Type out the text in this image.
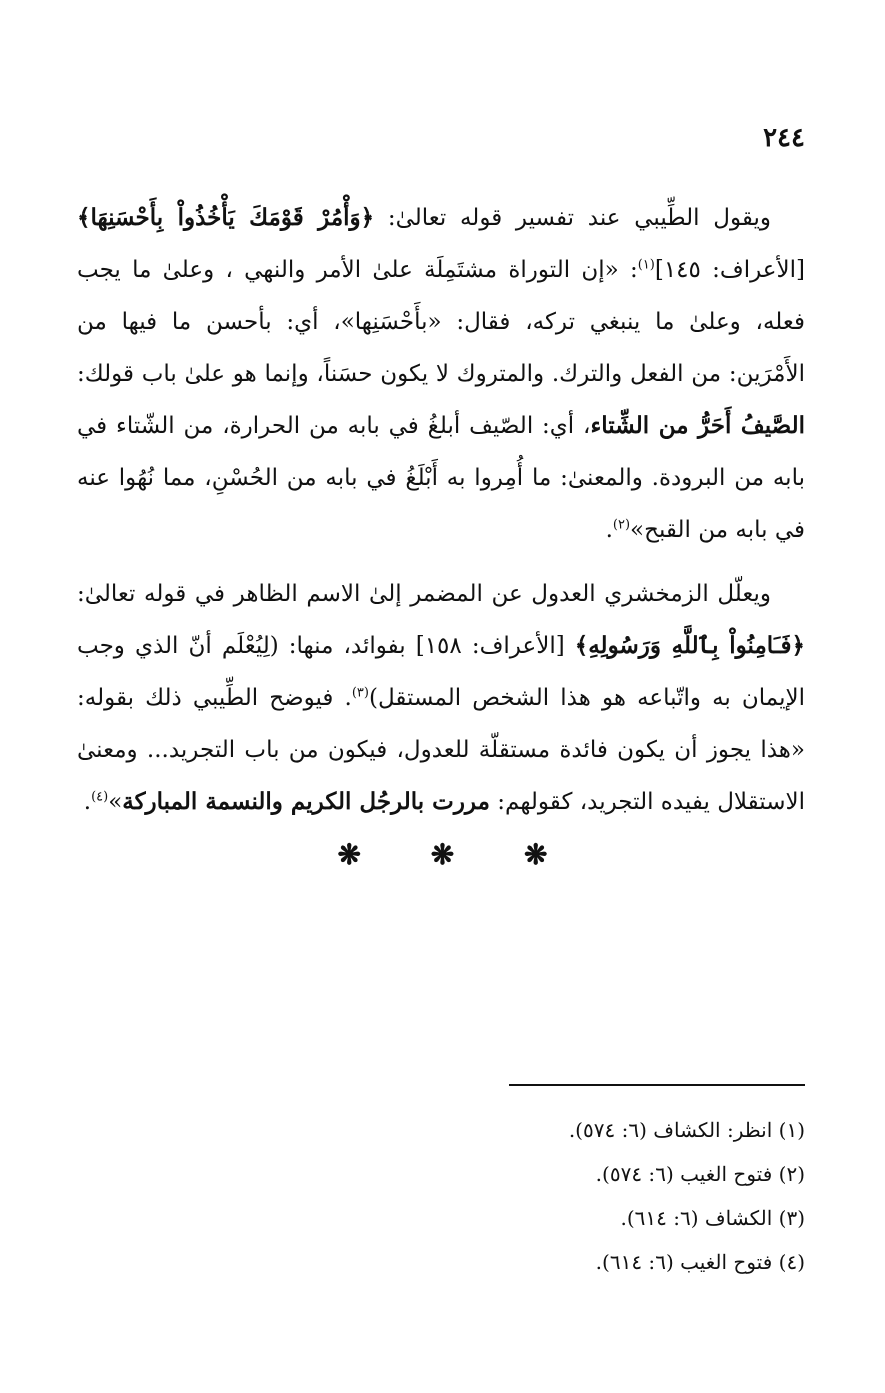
٢٤٤

ويقول الطِّيبي عند تفسير قوله تعالىٰ: ﴿وَأْمُرْ قَوْمَكَ يَأْخُذُواْ بِأَحْسَنِهَا﴾ [الأعراف: ١٤٥]$^{(١)}$: «إن التوراة مشتَمِلَة علىٰ الأمر والنهي ، وعلىٰ ما يجب فعله، وعلىٰ ما ينبغي تركه، فقال: «بأَحْسَنِها»، أي: بأحسن ما فيها من الأَمْرَين: من الفعل والترك. والمتروك لا يكون حسَناً، وإنما هو علىٰ باب قولك: الصَّيفُ أَحَرُّ من الشِّتاء، أي: الصّيف أبلغُ في بابه من الحرارة، من الشّتاء في بابه من البرودة. والمعنىٰ: ما أُمِروا به أَبْلَغُ في بابه من الحُسْنِ، مما نُهُوا عنه في بابه من القبح»$^{(٢)}$.

ويعلّل الزمخشري العدول عن المضمر إلىٰ الاسم الظاهر في قوله تعالىٰ: ﴿فَـَامِنُواْ بِٱللَّهِ وَرَسُولِهِ﴾ [الأعراف: ١٥٨] بفوائد، منها: (لِيُعْلَم أنّ الذي وجب الإيمان به واتّباعه هو هذا الشخص المستقل)$^{(٣)}$. فيوضح الطِّيبي ذلك بقوله: «هذا يجوز أن يكون فائدة مستقلّة للعدول، فيكون من باب التجريد... ومعنىٰ الاستقلال يفيده التجريد، كقولهم: مررت بالرجُل الكريم والنسمة المباركة»$^{(٤)}$.

❋ ❋ ❋

(١) انظر: الكشاف (٦: ٥٧٤).

(٢) فتوح الغيب (٦: ٥٧٤).

(٣) الكشاف (٦: ٦١٤).

(٤) فتوح الغيب (٦: ٦١٤).
